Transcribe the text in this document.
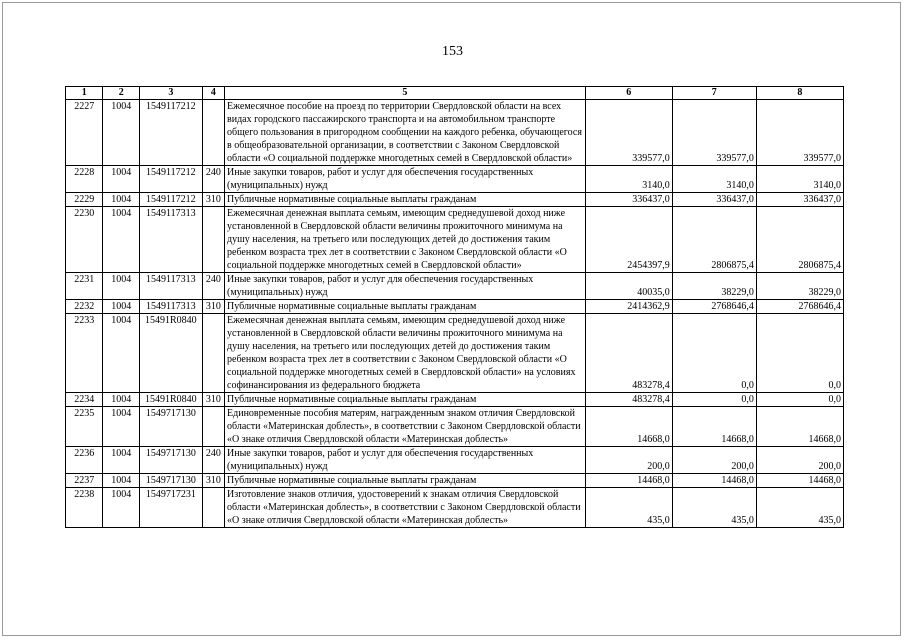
153
1	2	3	4	5	6	7	8
2227	1004	1549117212		Ежемесячное пособие на проезд по территории Свердловской области на всех видах городского пассажирского транспорта и на автомобильном транспорте общего пользования в пригородном сообщении на каждого ребенка, обучающегося в общеобразовательной организации, в соответствии с Законом Свердловской области «О социальной поддержке многодетных семей в Свердловской области»	339577,0	339577,0	339577,0
2228	1004	1549117212	240	Иные закупки товаров, работ и услуг для обеспечения государственных (муниципальных) нужд	3140,0	3140,0	3140,0
2229	1004	1549117212	310	Публичные нормативные социальные выплаты гражданам	336437,0	336437,0	336437,0
2230	1004	1549117313		Ежемесячная денежная выплата семьям, имеющим среднедушевой доход ниже установленной в Свердловской области величины прожиточного минимума на душу населения, на третьего или последующих детей до достижения таким ребенком возраста трех лет в соответствии с Законом Свердловской области «О социальной поддержке многодетных семей в Свердловской области»	2454397,9	2806875,4	2806875,4
2231	1004	1549117313	240	Иные закупки товаров, работ и услуг для обеспечения государственных (муниципальных) нужд	40035,0	38229,0	38229,0
2232	1004	1549117313	310	Публичные нормативные социальные выплаты гражданам	2414362,9	2768646,4	2768646,4
2233	1004	15491R0840		Ежемесячная денежная выплата семьям, имеющим среднедушевой доход ниже установленной в Свердловской области величины прожиточного минимума на душу населения, на третьего или последующих детей до достижения таким ребенком возраста трех лет в соответствии с Законом Свердловской области «О социальной поддержке многодетных семей в Свердловской области» на условиях софинансирования из федерального бюджета	483278,4	0,0	0,0
2234	1004	15491R0840	310	Публичные нормативные социальные выплаты гражданам	483278,4	0,0	0,0
2235	1004	1549717130		Единовременные пособия матерям, награжденным знаком отличия Свердловской области «Материнская доблесть», в соответствии с Законом Свердловской области «О знаке отличия Свердловской области «Материнская доблесть»	14668,0	14668,0	14668,0
2236	1004	1549717130	240	Иные закупки товаров, работ и услуг для обеспечения государственных (муниципальных) нужд	200,0	200,0	200,0
2237	1004	1549717130	310	Публичные нормативные социальные выплаты гражданам	14468,0	14468,0	14468,0
2238	1004	1549717231		Изготовление знаков отличия, удостоверений к знакам отличия Свердловской области «Материнская доблесть», в соответствии с Законом Свердловской области «О знаке отличия Свердловской области «Материнская доблесть»	435,0	435,0	435,0
